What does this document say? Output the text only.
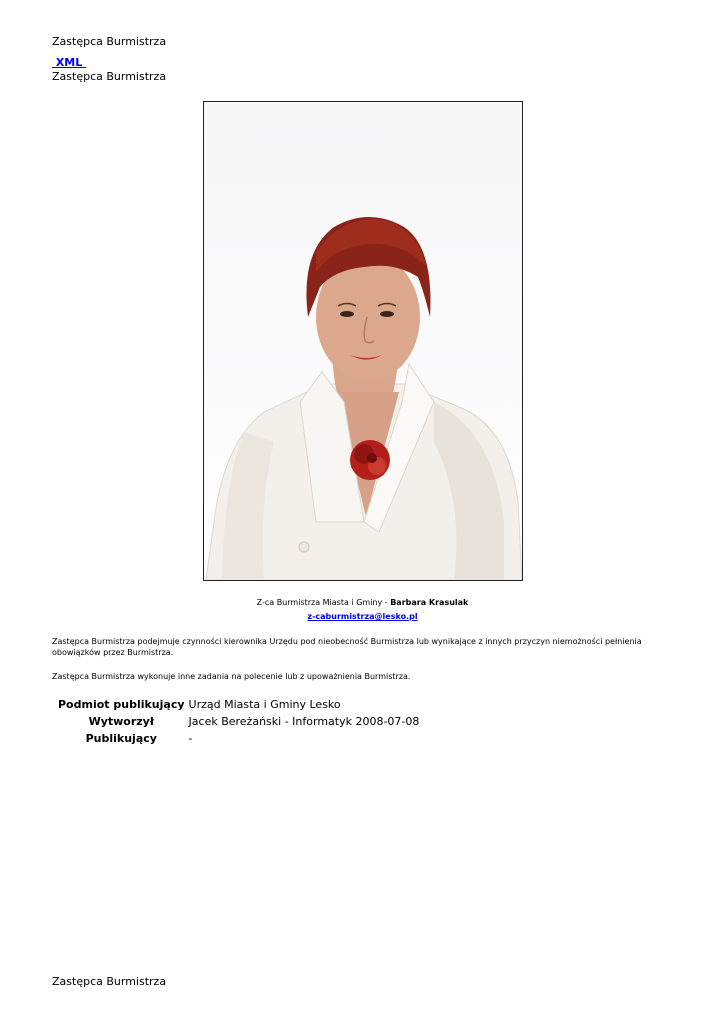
Zastępca Burmistrza
XML
Zastępca Burmistrza
Z-ca Burmistrza Miasta i Gminy - Barbara Krasulak
z-caburmistrza@lesko.pl
Zastępca Burmistrza podejmuje czynności kierownika Urzędu pod nieobecność Burmistrza lub wynikające z innych przyczyn niemożności pełnienia obowiązków przez Burmistrza.
Zastępca Burmistrza wykonuje inne zadania na polecenie lub z upoważnienia Burmistrza.
Podmiot publikujący	Urząd Miasta i Gminy Lesko
Wytworzył	Jacek Bereżański - Informatyk 2008-07-08
Publikujący	-
Zastępca Burmistrza
